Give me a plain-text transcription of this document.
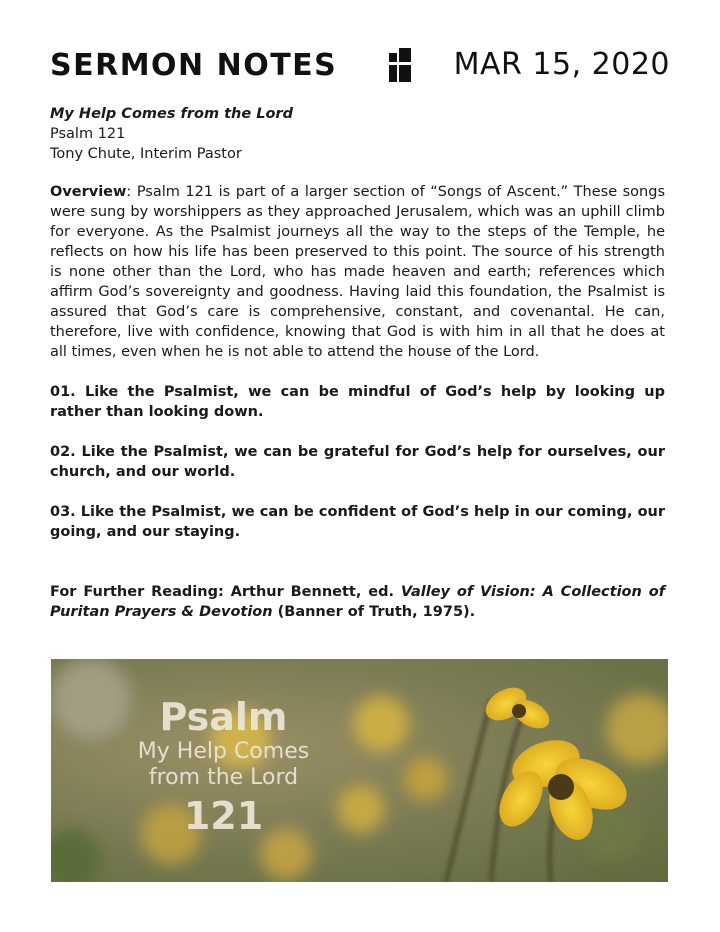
SERMON NOTES	MAR 15, 2020
My Help Comes from the Lord
Psalm 121
Tony Chute, Interim Pastor
Overview: Psalm 121 is part of a larger section of “Songs of Ascent.” These songs were sung by worshippers as they approached Jerusalem, which was an uphill climb for everyone. As the Psalmist journeys all the way to the steps of the Temple, he reflects on how his life has been preserved to this point. The source of his strength is none other than the Lord, who has made heaven and earth; references which affirm God’s sovereignty and goodness. Having laid this foundation, the Psalmist is assured that God’s care is comprehensive, constant, and covenantal. He can, therefore, live with confidence, knowing that God is with him in all that he does at all times, even when he is not able to attend the house of the Lord.
01. Like the Psalmist, we can be mindful of God’s help by looking up rather than looking down.
02. Like the Psalmist, we can be grateful for God’s help for ourselves, our church, and our world.
03. Like the Psalmist, we can be confident of God’s help in our coming, our going, and our staying.
For Further Reading: Arthur Bennett, ed. Valley of Vision: A Collection of Puritan Prayers & Devotion (Banner of Truth, 1975).
Psalm
My Help Comes
from the Lord
121
